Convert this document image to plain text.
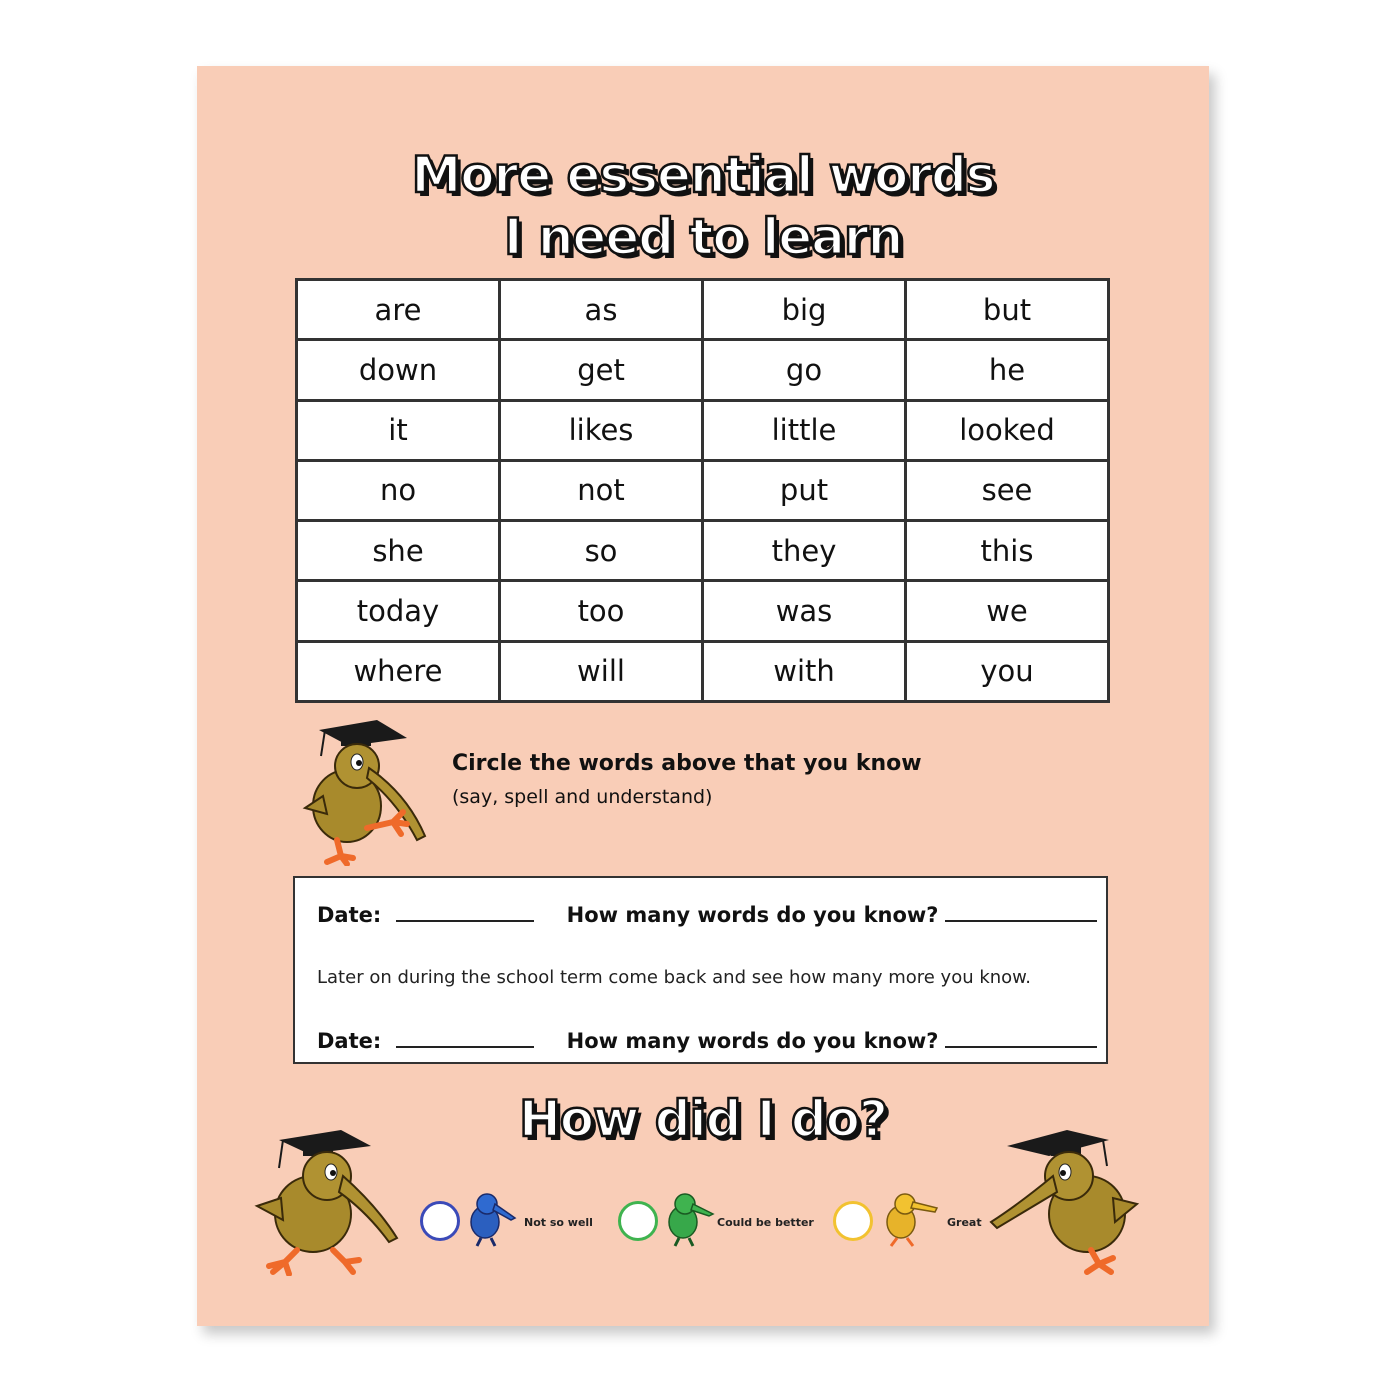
More essential words
I need to learn
are	as	big	but
down	get	go	he
it	likes	little	looked
no	not	put	see
she	so	they	this
today	too	was	we
where	will	with	you
Circle the words above that you know
(say, spell and understand)
Date:	How many words do you know?
Later on during the school term come back and see how many more you know.
Date:	How many words do you know?
How did I do?
Not so well	Could be better	Great
